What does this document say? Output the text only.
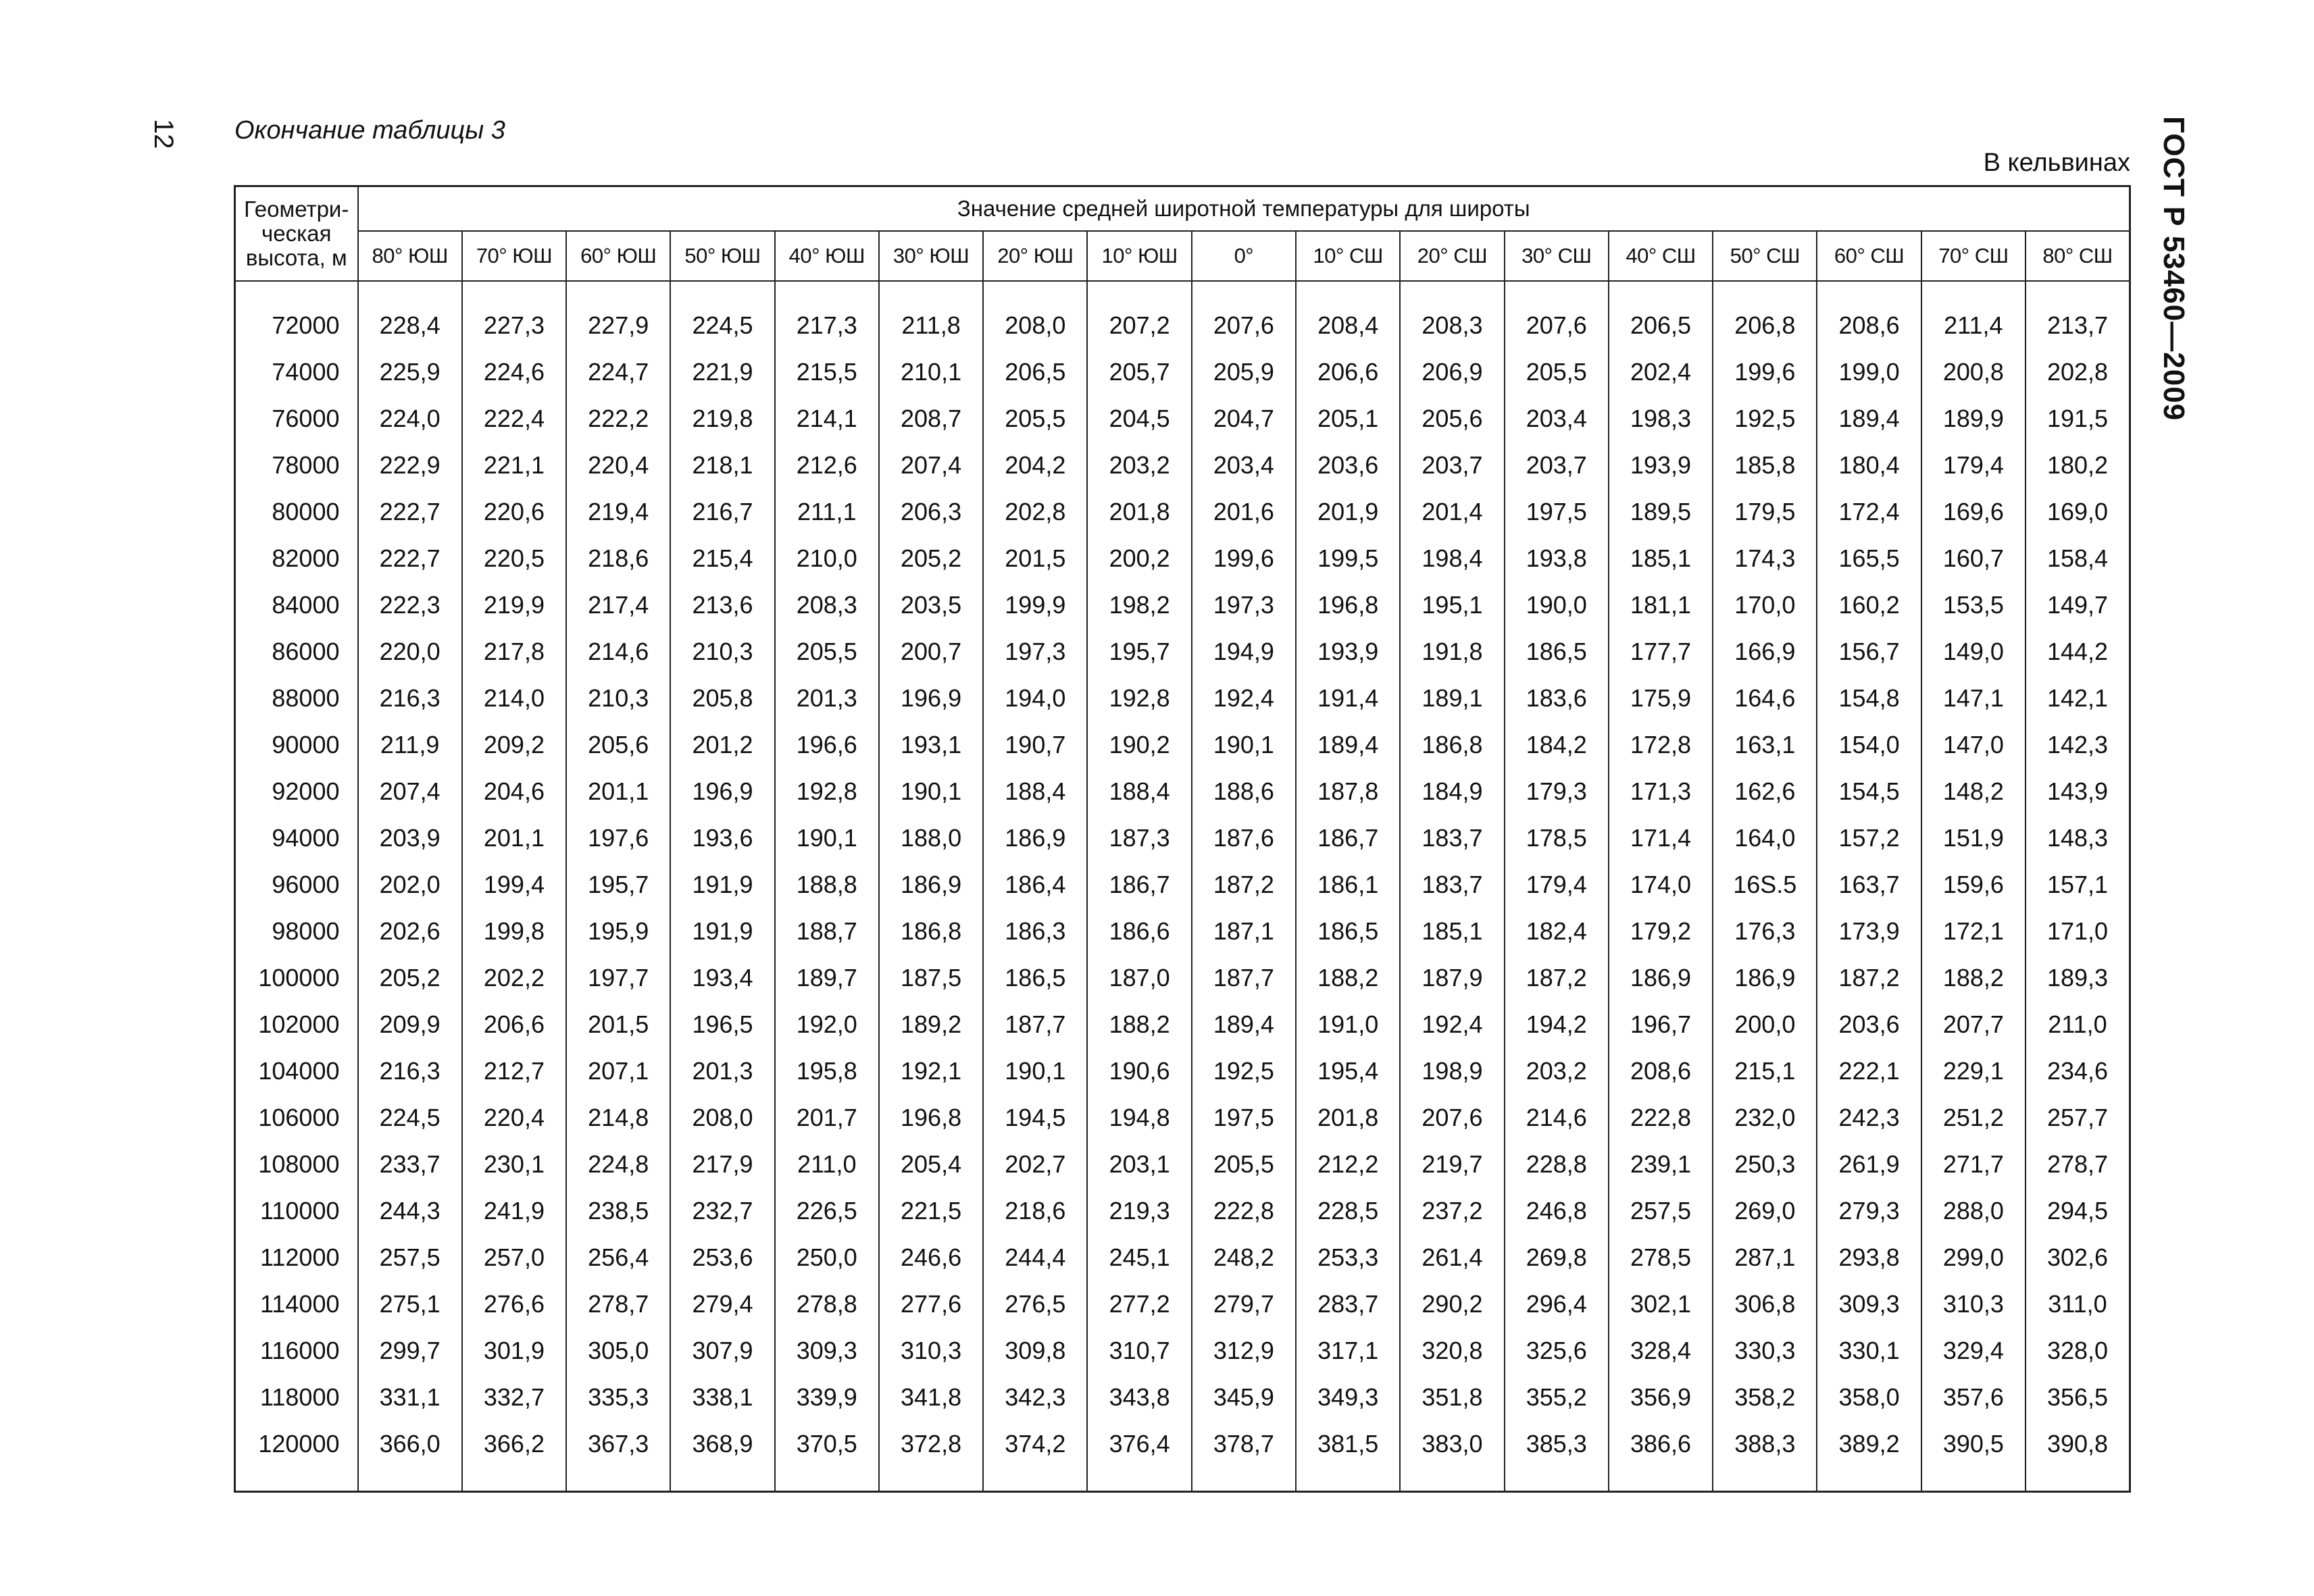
12 Окончание таблицы 3
В кельвинах ГОСТ Р 53460—2009
Геометри-
ческая
высота, м	Значение средней широтной температуры для широты																
	80° ЮШ	70° ЮШ	60° ЮШ	50° ЮШ	40° ЮШ	30° ЮШ	20° ЮШ	10° ЮШ	0°	10° СШ	20° СШ	30° СШ	40° СШ	50° СШ	60° СШ	70° СШ	80° СШ

72000	228,4	227,3	227,9	224,5	217,3	211,8	208,0	207,2	207,6	208,4	208,3	207,6	206,5	206,8	208,6	211,4	213,7
74000	225,9	224,6	224,7	221,9	215,5	210,1	206,5	205,7	205,9	206,6	206,9	205,5	202,4	199,6	199,0	200,8	202,8
76000	224,0	222,4	222,2	219,8	214,1	208,7	205,5	204,5	204,7	205,1	205,6	203,4	198,3	192,5	189,4	189,9	191,5
78000	222,9	221,1	220,4	218,1	212,6	207,4	204,2	203,2	203,4	203,6	203,7	203,7	193,9	185,8	180,4	179,4	180,2
80000	222,7	220,6	219,4	216,7	211,1	206,3	202,8	201,8	201,6	201,9	201,4	197,5	189,5	179,5	172,4	169,6	169,0
82000	222,7	220,5	218,6	215,4	210,0	205,2	201,5	200,2	199,6	199,5	198,4	193,8	185,1	174,3	165,5	160,7	158,4
84000	222,3	219,9	217,4	213,6	208,3	203,5	199,9	198,2	197,3	196,8	195,1	190,0	181,1	170,0	160,2	153,5	149,7
86000	220,0	217,8	214,6	210,3	205,5	200,7	197,3	195,7	194,9	193,9	191,8	186,5	177,7	166,9	156,7	149,0	144,2
88000	216,3	214,0	210,3	205,8	201,3	196,9	194,0	192,8	192,4	191,4	189,1	183,6	175,9	164,6	154,8	147,1	142,1
90000	211,9	209,2	205,6	201,2	196,6	193,1	190,7	190,2	190,1	189,4	186,8	184,2	172,8	163,1	154,0	147,0	142,3
92000	207,4	204,6	201,1	196,9	192,8	190,1	188,4	188,4	188,6	187,8	184,9	179,3	171,3	162,6	154,5	148,2	143,9
94000	203,9	201,1	197,6	193,6	190,1	188,0	186,9	187,3	187,6	186,7	183,7	178,5	171,4	164,0	157,2	151,9	148,3
96000	202,0	199,4	195,7	191,9	188,8	186,9	186,4	186,7	187,2	186,1	183,7	179,4	174,0	16S.5	163,7	159,6	157,1
98000	202,6	199,8	195,9	191,9	188,7	186,8	186,3	186,6	187,1	186,5	185,1	182,4	179,2	176,3	173,9	172,1	171,0
100000	205,2	202,2	197,7	193,4	189,7	187,5	186,5	187,0	187,7	188,2	187,9	187,2	186,9	186,9	187,2	188,2	189,3
102000	209,9	206,6	201,5	196,5	192,0	189,2	187,7	188,2	189,4	191,0	192,4	194,2	196,7	200,0	203,6	207,7	211,0
104000	216,3	212,7	207,1	201,3	195,8	192,1	190,1	190,6	192,5	195,4	198,9	203,2	208,6	215,1	222,1	229,1	234,6
106000	224,5	220,4	214,8	208,0	201,7	196,8	194,5	194,8	197,5	201,8	207,6	214,6	222,8	232,0	242,3	251,2	257,7
108000	233,7	230,1	224,8	217,9	211,0	205,4	202,7	203,1	205,5	212,2	219,7	228,8	239,1	250,3	261,9	271,7	278,7
110000	244,3	241,9	238,5	232,7	226,5	221,5	218,6	219,3	222,8	228,5	237,2	246,8	257,5	269,0	279,3	288,0	294,5
112000	257,5	257,0	256,4	253,6	250,0	246,6	244,4	245,1	248,2	253,3	261,4	269,8	278,5	287,1	293,8	299,0	302,6
114000	275,1	276,6	278,7	279,4	278,8	277,6	276,5	277,2	279,7	283,7	290,2	296,4	302,1	306,8	309,3	310,3	311,0
116000	299,7	301,9	305,0	307,9	309,3	310,3	309,8	310,7	312,9	317,1	320,8	325,6	328,4	330,3	330,1	329,4	328,0
118000	331,1	332,7	335,3	338,1	339,9	341,8	342,3	343,8	345,9	349,3	351,8	355,2	356,9	358,2	358,0	357,6	356,5
120000	366,0	366,2	367,3	368,9	370,5	372,8	374,2	376,4	378,7	381,5	383,0	385,3	386,6	388,3	389,2	390,5	390,8
